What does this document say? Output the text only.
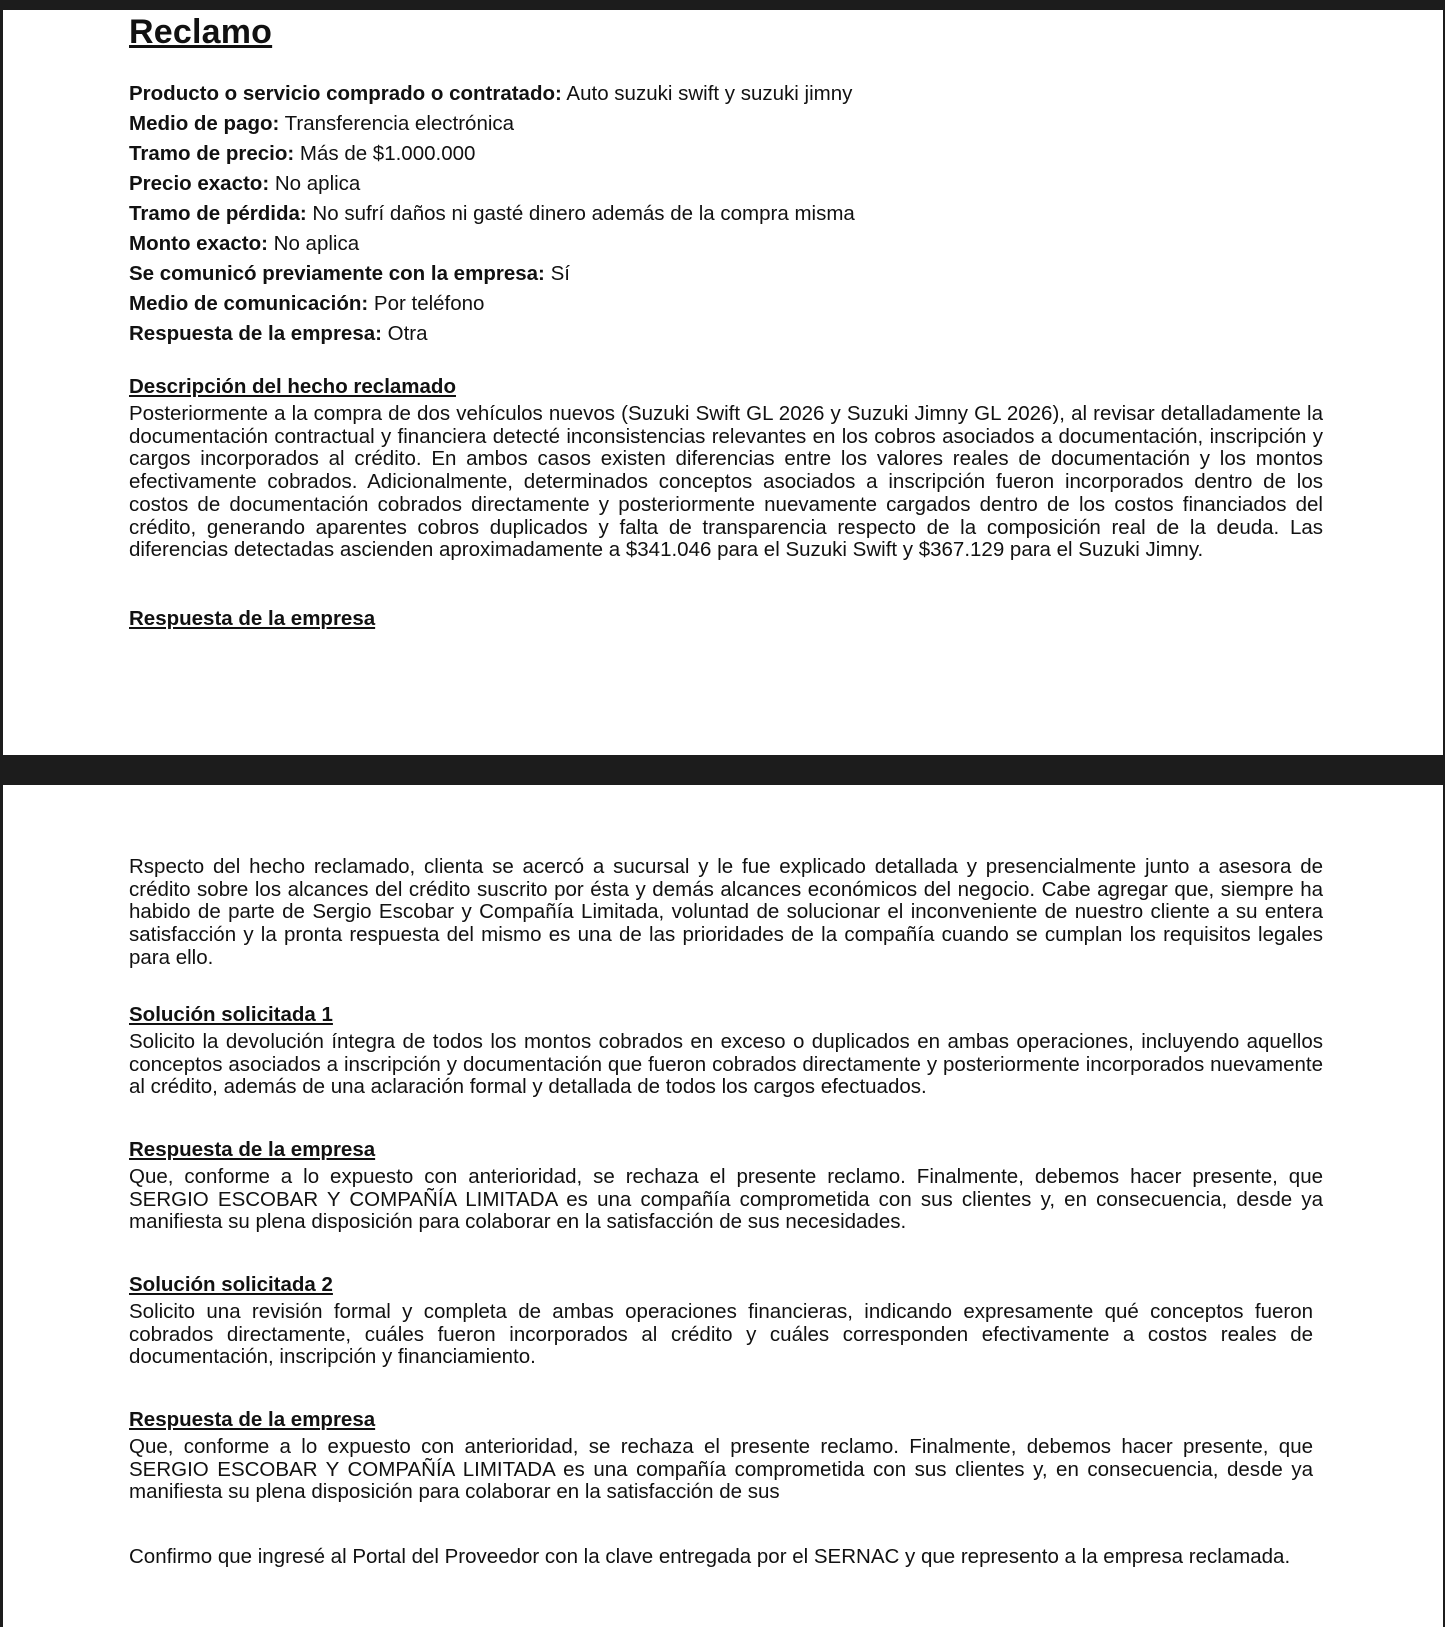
Reclamo
Producto o servicio comprado o contratado: Auto suzuki swift y suzuki jimny
Medio de pago: Transferencia electrónica
Tramo de precio: Más de $1.000.000
Precio exacto: No aplica
Tramo de pérdida: No sufrí daños ni gasté dinero además de la compra misma
Monto exacto: No aplica
Se comunicó previamente con la empresa: Sí
Medio de comunicación: Por teléfono
Respuesta de la empresa: Otra
Descripción del hecho reclamado

Posteriormente a la compra de dos vehículos nuevos (Suzuki Swift GL 2026 y Suzuki Jimny GL 2026), al revisar detalladamente la documentación contractual y financiera detecté inconsistencias relevantes en los cobros asociados a documentación, inscripción y cargos incorporados al crédito. En ambos casos existen diferencias entre los valores reales de documentación y los montos efectivamente cobrados. Adicionalmente, determinados conceptos asociados a inscripción fueron incorporados dentro de los costos de documentación cobrados directamente y posteriormente nuevamente cargados dentro de los costos financiados del crédito, generando aparentes cobros duplicados y falta de transparencia respecto de la composición real de la deuda. Las diferencias detectadas ascienden aproximadamente a $341.046 para el Suzuki Swift y $367.129 para el Suzuki Jimny.

Respuesta de la empresa

Rspecto del hecho reclamado, clienta se acercó a sucursal y le fue explicado detallada y presencialmente junto a asesora de crédito sobre los alcances del crédito suscrito por ésta y demás alcances económicos del negocio. Cabe agregar que, siempre ha habido de parte de Sergio Escobar y Compañía Limitada, voluntad de solucionar el inconveniente de nuestro cliente a su entera satisfacción y la pronta respuesta del mismo es una de las prioridades de la compañía cuando se cumplan los requisitos legales para ello.

Solución solicitada 1

Solicito la devolución íntegra de todos los montos cobrados en exceso o duplicados en ambas operaciones, incluyendo aquellos conceptos asociados a inscripción y documentación que fueron cobrados directamente y posteriormente incorporados nuevamente al crédito, además de una aclaración formal y detallada de todos los cargos efectuados.

Respuesta de la empresa

Que, conforme a lo expuesto con anterioridad, se rechaza el presente reclamo. Finalmente, debemos hacer presente, que SERGIO ESCOBAR Y COMPAÑÍA LIMITADA es una compañía comprometida con sus clientes y, en consecuencia, desde ya manifiesta su plena disposición para colaborar en la satisfacción de sus necesidades.

Solución solicitada 2

Solicito una revisión formal y completa de ambas operaciones financieras, indicando expresamente qué conceptos fueron cobrados directamente, cuáles fueron incorporados al crédito y cuáles corresponden efectivamente a costos reales de documentación, inscripción y financiamiento.

Respuesta de la empresa

Que, conforme a lo expuesto con anterioridad, se rechaza el presente reclamo. Finalmente, debemos hacer presente, que SERGIO ESCOBAR Y COMPAÑÍA LIMITADA es una compañía comprometida con sus clientes y, en consecuencia, desde ya manifiesta su plena disposición para colaborar en la satisfacción de sus

Confirmo que ingresé al Portal del Proveedor con la clave entregada por el SERNAC y que represento a la empresa reclamada.
